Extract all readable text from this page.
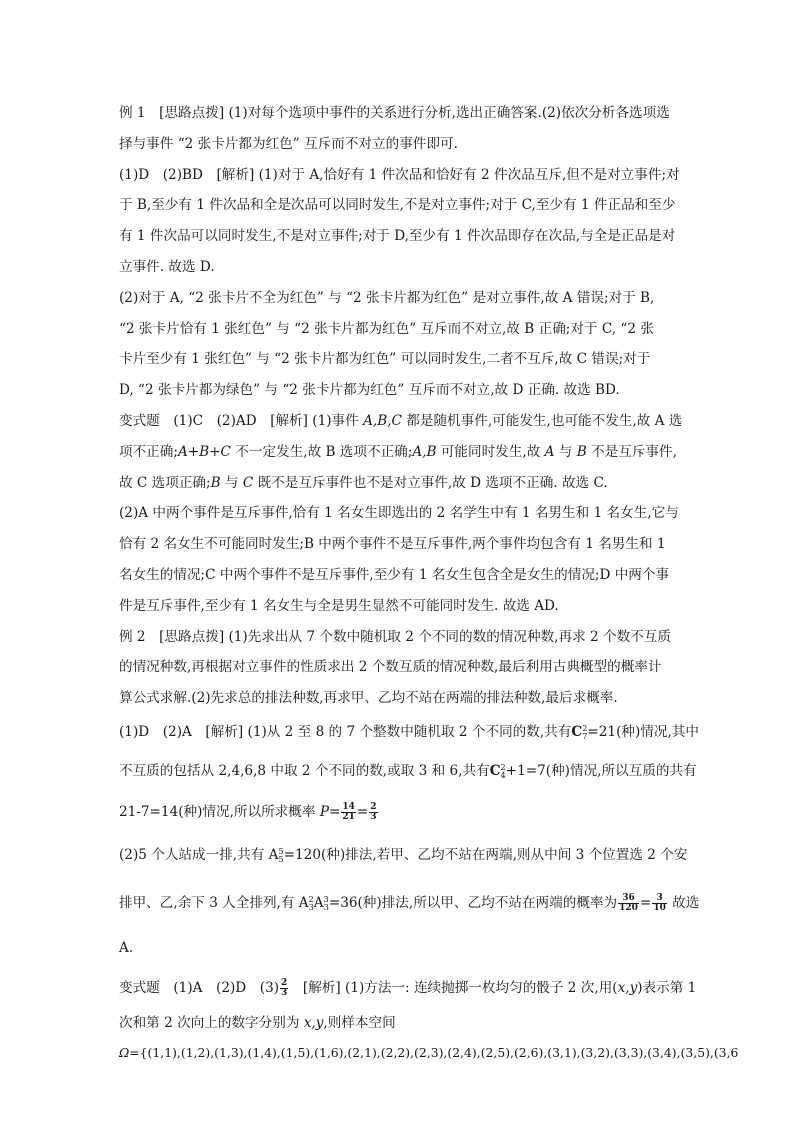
例 1　[思路点拨] (1)对每个选项中事件的关系进行分析,选出正确答案.(2)依次分析各选项选

择与事件 “2 张卡片都为红色” 互斥而不对立的事件即可.

(1)D　(2)BD　[解析] (1)对于 A,恰好有 1 件次品和恰好有 2 件次品互斥,但不是对立事件;对

于 B,至少有 1 件次品和全是次品可以同时发生,不是对立事件;对于 C,至少有 1 件正品和至少

有 1 件次品可以同时发生,不是对立事件;对于 D,至少有 1 件次品即存在次品,与全是正品是对

立事件. 故选 D.

(2)对于 A, “2 张卡片不全为红色” 与 “2 张卡片都为红色” 是对立事件,故 A 错误;对于 B,

“2 张卡片恰有 1 张红色” 与 “2 张卡片都为红色” 互斥而不对立,故 B 正确;对于 C, “2 张

卡片至少有 1 张红色” 与 “2 张卡片都为红色” 可以同时发生,二者不互斥,故 C 错误;对于

D, “2 张卡片都为绿色” 与 “2 张卡片都为红色” 互斥而不对立,故 D 正确. 故选 BD.

变式题　(1)C　(2)AD　[解析] (1)事件 A,B,C 都是随机事件,可能发生,也可能不发生,故 A 选

项不正确;A+B+C 不一定发生,故 B 选项不正确;A,B 可能同时发生,故 A 与 B 不是互斥事件,

故 C 选项正确;B 与 C 既不是互斥事件也不是对立事件,故 D 选项不正确. 故选 C.

(2)A 中两个事件是互斥事件,恰有 1 名女生即选出的 2 名学生中有 1 名男生和 1 名女生,它与

恰有 2 名女生不可能同时发生;B 中两个事件不是互斥事件,两个事件均包含有 1 名男生和 1

名女生的情况;C 中两个事件不是互斥事件,至少有 1 名女生包含全是女生的情况;D 中两个事

件是互斥事件,至少有 1 名女生与全是男生显然不可能同时发生. 故选 AD.

例 2　[思路点拨] (1)先求出从 7 个数中随机取 2 个不同的数的情况种数,再求 2 个数不互质

的情况种数,再根据对立事件的性质求出 2 个数互质的情况种数,最后利用古典概型的概率计

算公式求解.(2)先求总的排法种数,再求甲、乙均不站在两端的排法种数,最后求概率.

(1)D　(2)A　[解析] (1)从 2 至 8 的 7 个整数中随机取 2 个不同的数,共有$C^2_7=21$(种)情况,其中

不互质的包括从 2,4,6,8 中取 2 个不同的数,或取 3 和 6,共有$C^2_4+1=7$(种)情况,所以互质的共有

21-7=14(种)情况,所以所求概率 $P= \frac{14}{21} = \frac{2}{3}$

(2)5 个人站成一排,共有 $A^5_5=120$(种)排法,若甲、乙均不站在两端,则从中间 3 个位置选 2 个安

排甲、乙,余下 3 人全排列,有 $A^2_3A^3_3=36$(种)排法,所以甲、乙均不站在两端的概率为 $\frac{36}{120} = \frac{3}{10}$ 故选

A.

变式题　(1)A　(2)D　$(3) \frac{2}{3}$ 　[解析] (1)方法一: 连续抛掷一枚均匀的骰子 2 次,用(x,y)表示第 1

次和第 2 次向上的数字分别为 x,y,则样本空间

Ω={(1,1),(1,2),(1,3),(1,4),(1,5),(1,6),(2,1),(2,2),(2,3),(2,4),(2,5),(2,6),(3,1),(3,2),(3,3),(3,4),(3,5),(3,6
